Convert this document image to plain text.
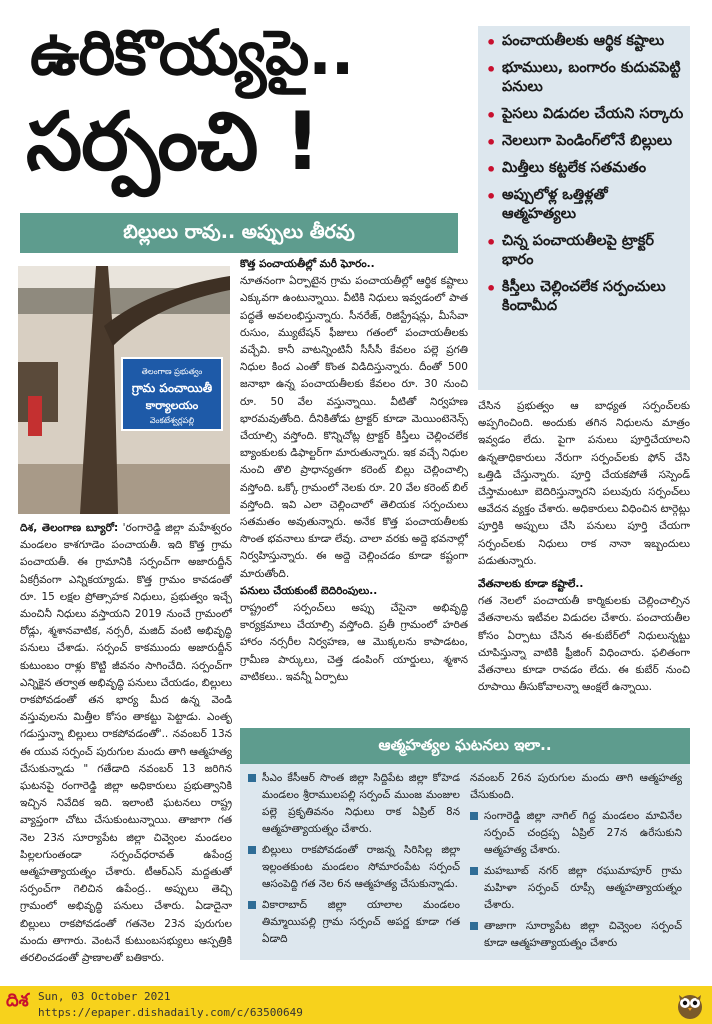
ఉరికొయ్యపై..
సర్పంచి !
• పంచాయతీలకు ఆర్థిక కష్టాలు
• భూములు, బంగారం కుదువపెట్టి పనులు
• పైసలు విడుదల చేయని సర్కారు
• నెలలుగా పెండింగ్‌లోనే బిల్లులు
• మిత్తీలు కట్టలేక సతమతం
• అప్పులోళ్ల ఒత్తిళ్లతో ఆత్మహత్యలు
• చిన్న పంచాయతీలపై ట్రాక్టర్ భారం
• కిస్తీలు చెల్లించలేక సర్పంచులు కిందామీద
బిల్లులు రావు.. అప్పులు తీరవు
తెలంగాణ ప్రభుత్వం
గ్రామ పంచాయితీ
కార్యాలయం
వెంకటేశ్వర్లపల్లి

దిశ, తెలంగాణ బ్యూరో: 'రంగారెడ్డి జిల్లా మహేశ్వరం మండలం కాశగూడెం పంచాయతీ. ఇది కొత్త గ్రామ పంచాయతీ. ఈ గ్రామానికి సర్పంచ్‌గా అజారుద్దీన్ ఏకగ్రీవంగా ఎన్నికయ్యాడు. కొత్త గ్రామం కావడంతో రూ. 15 లక్షల ప్రోత్సాహక నిధులు, ప్రభుత్వం ఇచ్చే మంచినీ నిధులు వస్తాయని 2019 నుంచే గ్రామంలో రోడ్లు, శ్మశానవాటిక, నర్సరీ, మజిద్ వంటి అభివృద్ధి పనులు చేశాడు. సర్పంచ్ కాకముందు అజారుద్దీన్ కుటుంబం రాళ్లు కొట్టి జీవనం సాగించేది. సర్పంచ్‌గా ఎన్నికైన తర్వాత అభివృద్ధి పనులు చేయడం, బిల్లులు రాకపోవడంతో తన భార్య మీద ఉన్న వెండి వస్తువులను మిత్తీల కోసం తాకట్టు పెట్టాడు. ఎంతృ గడుస్తున్నా బిల్లులు రాకపోవడంతో'.. నవంబర్ 13న ఈ యువ సర్పంచ్ పురుగుల మందు తాగి ఆత్మహత్య చేసుకున్నాడు " గతేడాది నవంబర్ 13 జరిగిన ఘటనపై రంగారెడ్డి జిల్లా అధికారులు ప్రభుత్వానికి ఇచ్చిన నివేదిక ఇది. ఇలాంటి ఘటనలు రాష్ట్ర వ్యాప్తంగా చోటు చేసుకుంటున్నాయి. తాజాగా గత నెల 23న సూర్యాపేట జిల్లా చివ్వెంల మండలం పిల్లలగుంతండా సర్పంచ్‌ధరావత్ ఉపేంద్ర ఆత్మహత్యాయత్నం చేశారు. టీఆర్ఎస్ మద్దతుతో సర్పంచ్‌గా గెలిచిన ఉపేంద్ర.. అప్పులు తెచ్చి గ్రామంలో అభివృద్ధి పనులు చేశారు. ఏడాదైనా బిల్లులు రాకపోవడంతో గతనెల 23న పురుగుల మందు తాగారు. వెంటనే కుటుంబసభ్యులు ఆస్పత్రికి తరలించడంతో ప్రాణాలతో బతికారు.

కొత్త పంచాయతీల్లో మరీ ఘోరం..

నూతనంగా ఏర్పాటైన గ్రామ పంచాయతీల్లో ఆర్థిక కష్టాలు ఎక్కువగా ఉంటున్నాయి. వీటికి నిధులు ఇవ్వడంలో పాత పద్ధతే అవలంభిస్తున్నారు. సీనరేజ్, రిజిస్ట్రేషన్లు, మీసేవా రుసుం, మ్యుటేషన్ ఫీజులు గతంలో పంచాయతీలకు వచ్చేవి. కానీ వాటన్నింటినీ సీసీసీ కేవలం పల్లె ప్రగతి నిధుల కింద ఎంతో కొంత విడిదిస్తున్నారు. దీంతో 500 జనాభా ఉన్న పంచాయతీలకు కేవలం రూ. 30 నుంచి రూ. 50 వేల వస్తున్నాయి. వీటితో నిర్వహణ భారమవుతోంది. దీనికితోడు ట్రాక్టర్ కూడా మెయింటెనెన్స్ చేయాల్సి వస్తోంది. కొన్నిచోట్ల ట్రాక్టర్ కిస్తీలు చెల్లించలేక బ్యాంకులకు డిఫాల్టర్‌గా మారుతున్నారు. ఇక వచ్చే నిధుల నుంచి తొలి ప్రాధాన్యతగా కరెంట్ బిల్లు చెల్లించాల్సి వస్తోంది. ఒక్కో గ్రామంలో నెలకు రూ. 20 వేల కరెంట్ బిల్ వస్తోంది. ఇవి ఎలా చెల్లించాలో తెలియక సర్పంచులు సతమతం అవుతున్నారు. అనేక కొత్త పంచాయతీలకు సొంత భవనాలు కూడా లేవు. చాలా వరకు అద్దె భవనాల్లో నిర్వహిస్తున్నారు. ఈ అద్దె చెల్లించడం కూడా కష్టంగా మారుతోంది.

పనులు చేయకుంటే బెదిరింపులు..

రాష్ట్రంలో సర్పంచ్‌లు అప్పు చేసైనా అభివృద్ధి కార్యక్రమాలు చేయాల్సి వస్తోంది. ప్రతీ గ్రామంలో హరిత హారం నర్సరీల నిర్వహణ, ఆ మొక్కలను కాపాడటం, గ్రామీణ పార్కులు, చెత్త డంపింగ్ యార్డులు, శ్మశాన వాటికలు.. ఇవన్నీ ఏర్పాటు

చేసిన ప్రభుత్వం ఆ బాధ్యత సర్పంచ్‌లకు అప్పగించింది. అందుకు తగిన నిధులను మాత్రం ఇవ్వడం లేదు. పైగా పనులు పూర్తిచేయాలని ఉన్నతాధికారులు నేరుగా సర్పంచ్‌లకు ఫోన్ చేసి ఒత్తిడి చేస్తున్నారు. పూర్తి చేయకపోతే సస్పెండ్ చేస్తామంటూ బెదిరిస్తున్నారని పలువురు సర్పంచ్‌లు ఆవేదన వ్యక్తం చేశారు. అధికారులు విధించిన టార్గెట్లు పూర్తికి అప్పులు చేసి పనులు పూర్తి చేయగా సర్పంచ్‌లకు నిధులు రాక నానా ఇబ్బందులు పడుతున్నారు.

వేతనాలకు కూడా కష్టాలే..

గత నెలలో పంచాయతీ కార్మికులకు చెల్లించాల్సిన వేతనాలను ఇటీవల విడుదల చేశారు. పంచాయతీల కోసం ఏర్పాటు చేసిన ఈ-కుబేర్‌లో నిధులున్నట్టు చూపిస్తున్నా వాటికి ఫ్రీజింగ్ విధించారు. ఫలితంగా వేతనాలు కూడా రావడం లేదు. ఈ కుబేర్ నుంచి రూపాయి తీసుకోవాలన్నా ఆంక్షలే ఉన్నాయి.

ఆత్మహత్యల ఘటనలు ఇలా..
సీఎం కేసీఆర్ సొంత జిల్లా సిద్దిపేట జిల్లా కోహెడ మండలం శ్రీరాములపల్లి సర్పంచ్ ముంజ మంజుల పల్లె ప్రకృతివనం నిధులు రాక ఏప్రిల్ 8న ఆత్మహత్యాయత్నం చేశారు.
బిల్లులు రాకపోవడంతో రాజన్న సిరిసిల్ల జిల్లా ఇల్లంతకుంట మండలం సోమారంపేట సర్పంచ్ ఆసంపెద్ది గత నెల 6న ఆత్మహత్య చేసుకున్నాడు.
వికారాబాద్ జిల్లా యాలాల మండలం తిమ్మాయిపల్లి గ్రామ సర్పంచ్ అపర్ణ కూడా గత ఏడాది
నవంబర్ 26న పురుగుల మందు తాగి ఆత్మహత్య చేసుకుంది.
సంగారెడ్డి జిల్లా నాగిల్ గిద్ద మండలం మావినేల సర్పంచ్ చంద్రప్ప ఏప్రిల్ 27న ఉరేసుకుని ఆత్మహత్య చేశారు.
మహబూబ్ నగర్ జిల్లా రఘుమాపూర్ గ్రామ మహిళా సర్పంచ్ రూప్సీ ఆత్మహత్యాయత్నం చేశారు.
తాజాగా సూర్యాపేట జిల్లా చివ్వెంల సర్పంచ్ కూడా ఆత్మహత్యాయత్నం చేశారు
దిశ Sun, 03 October 2021
https://epaper.dishadaily.com/c/63500649
